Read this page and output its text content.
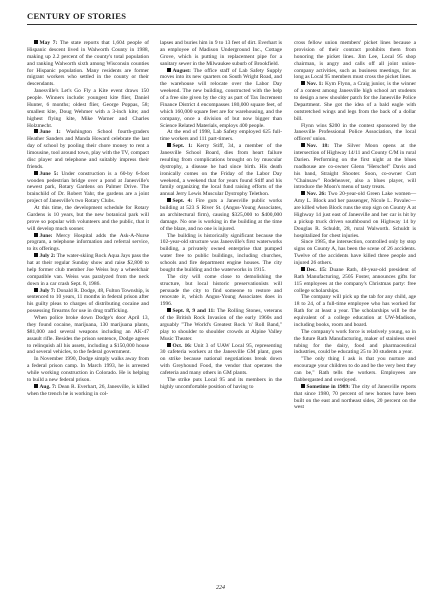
CENTURY OF STORIES

May 7: The state reports that 1,604 people of Hispanic descent lived in Walworth County in 1988, making up 2.2 percent of the county's total population and ranking Walworth sixth among Wisconsin counties for Hispanic population. Many residents are former migrant workers who settled in the county or their descendants.

Janesville's Let's Go Fly a Kite event draws 150 people. Winners include: youngest kite flier, Daniel Hunter, 6 months; oldest flier, George Poppas, 58; smallest kite, Doug Wehmer with a 3-inch kite; and highest flying kite, Mike Warner and Charles Holzmecht.

June 1: Washington School fourth-graders Heather Sanders and Manda Howard celebrate the last day of school by pooling their chore money to rent a limousine, tool around town, play with the TV, compact disc player and telephone and suitably impress their friends.

June 5: Under construction is a 60-by 6-foot wooden pedestrian bridge over a pond at Janesville's newest park, Rotary Gardens on Palmer Drive. The brainchild of Dr. Robert Yahr, the gardens are a joint project of Janesville's two Rotary Clubs.

At this time, the development schedule for Rotary Gardens is 10 years, but the new botanical park will prove so popular with volunteers and the public, that it will develop much sooner.

June: Mercy Hospital adds the Ask-A-Nurse program, a telephone information and referral service, to its offerings.

July 2: The water-skiing Rock Aqua Jays pass the hat at their regular Sunday show and raise $2,800 to help former club member Joe Weiss buy a wheelchair compatible van. Weiss was paralyzed from the neck down in a car crash Sept. 8, 1986.

July 7: Donald R. Dodge, 48, Fulton Township, is sentenced to 10 years, 11 months in federal prison after his guilty pleas to charges of distributing cocaine and possessing firearms for use in drug trafficking.

When police broke down Dodge's door April 13, they found cocaine, marijuana, 130 marijuana plants, $81,000 and several weapons including an AK-47 assault rifle. Besides the prison sentence, Dodge agrees to relinquish all his assets, including a $150,000 house and several vehicles, to the federal government.

In November 1990, Dodge simply walks away from a federal prison camp. In March 1993, he is arrested while working construction in Colorado. He is helping to build a new federal prison.

Aug. 7: Dean R. Everhart, 26, Janesville, is killed when the trench he is working in col-

lapses and buries him in 9 to 13 feet of dirt. Everhart is an employee of Madison Underground Inc., Cottage Grove, which is putting in replacement pipe for a sanitary sewer in the Milwaukee suburb of Brookfield.

August: The office staff of Lab Safety Supply moves into its new quarters on South Wright Road, and the warehouse will relocate over the Labor Day weekend. The new building, constructed with the help of a free site given by the city as part of Tax Increment Finance District 4 encompasses 180,000 square feet, of which 160,000 square feet are for warehousing, and the company, once a division of but now bigger than Science Related Materials, employs 400 people.

At the end of 1998, Lab Safety employed 625 full-time workers and 111 part-timers.

Sept. 1: Kerry Stiff, 34, a member of the Janesville School Board, dies from heart failure resulting from complications brought on by muscular dystrophy, a disease he had since birth. His death ironically comes on the Friday of the Labor Day weekend, a weekend that for years found Stiff and his family organizing the local fund raising efforts of the annual Jerry Lewis Muscular Dystrophy Telethon.

Sept. 4: Fire guts a Janesville public works building at 523 S River St. (Angus-Young Associates, an architectural firm), causing $325,000 to $400,000 damage. No one is working in the building at the time of the blaze, and no one is injured.

The building is historically significant because the 102-year-old structure was Janesville's first waterworks building, a privately owned enterprise that pumped water free to public buildings, including churches, schools and fire department engine houses. The city bought the building and the waterworks in 1915.

The city will come close to demolishing the structure, but local historic preservationists will persuade the city to find someone to restore and renovate it, which Angus-Young Associates does in 1996.

Sept. 8, 9 and 11: The Rolling Stones, veterans of the British Rock Invasion of the early 1960s and arguably "The World's Greatest Rock 'n' Roll Band," play to shoulder to shoulder crowds at Alpine Valley Music Theater.

Oct. 16: Unit 3 of UAW Local 95, representing 30 cafeteria workers at the Janesville GM plant, goes on strike because national negotiations break down with Greyhound Food, the vendor that operates the cafeteria and many others in GM plants.

The strike puts Local 95 and its members in the highly uncomfortable position of having to

cross fellow union members' picket lines because a provision of their contract prohibits them from honoring the picket lines. Jim Lee, Local 95 shop chairman, is angry and calls off all joint union-company activities, such as business meetings, for as long as Local 95 members must cross the picket lines.

Nov. 1: Kym Flynn, a Craig junior, is the winner of a contest among Janesville high school art students to design a new shoulder patch for the Janesville Police Department. She got the idea of a bald eagle with outstretched wings and legs from the back of a dollar bill.

Flynn wins $200 in the contest sponsored by the Janesville Professional Police Association, the local officers' union.

Nov. 18: The Silver Moon opens at the intersection of Highway 14/11 and County C/M in rural Darien. Performing on the first night at the blues roadhouse are co-owner Glenn "Herschel" Davis and his band, Straight Shooter. Soon, co-owner Curt "Chainsaw" Rodeheaver, also a blues player, will introduce the Moon's menu of tasty treats.

Nov. 26: Two 20-year-old Green Lake women—Amy L. Block and her passenger, Nicole L. Pavalec—are killed when Block runs the stop sign on County A at Highway 14 just east of Janesville and her car is hit by a pickup truck driven southbound on Highway 14 by Douglas R. Schuldt, 28, rural Walworth. Schuldt is hospitalized for chest injuries.

Since 1985, the intersection, controlled only by stop signs on County A, has been the scene of 26 accidents. Twelve of the accidents have killed three people and injured 26 others.

Dec. 15: Duane Rath, 48-year-old president of Rath Manufacturing, 2505 Foster, announces gifts for 115 employees at the company's Christmas party: free college scholarships.

The company will pick up the tab for any child, age 18 to 24, of a full-time employee who has worked for Rath for at least a year. The scholarships will be the equivalent of a college education at UW-Madison, including books, room and board.

The company's work force is relatively young, so in the future Rath Manufacturing, maker of stainless steel tubing for the dairy, food and pharmaceutical industries, could be educating 25 to 30 students a year.

"The only thing I ask is that you nurture and encourage your children to do and be the very best they can be," Rath tells the workers. Employees are flabbergasted and overjoyed.

Sometime in 1989: The city of Janesville reports that since 1980, 70 percent of new homes have been built on the east and northeast sides, 20 percent on the west

224
